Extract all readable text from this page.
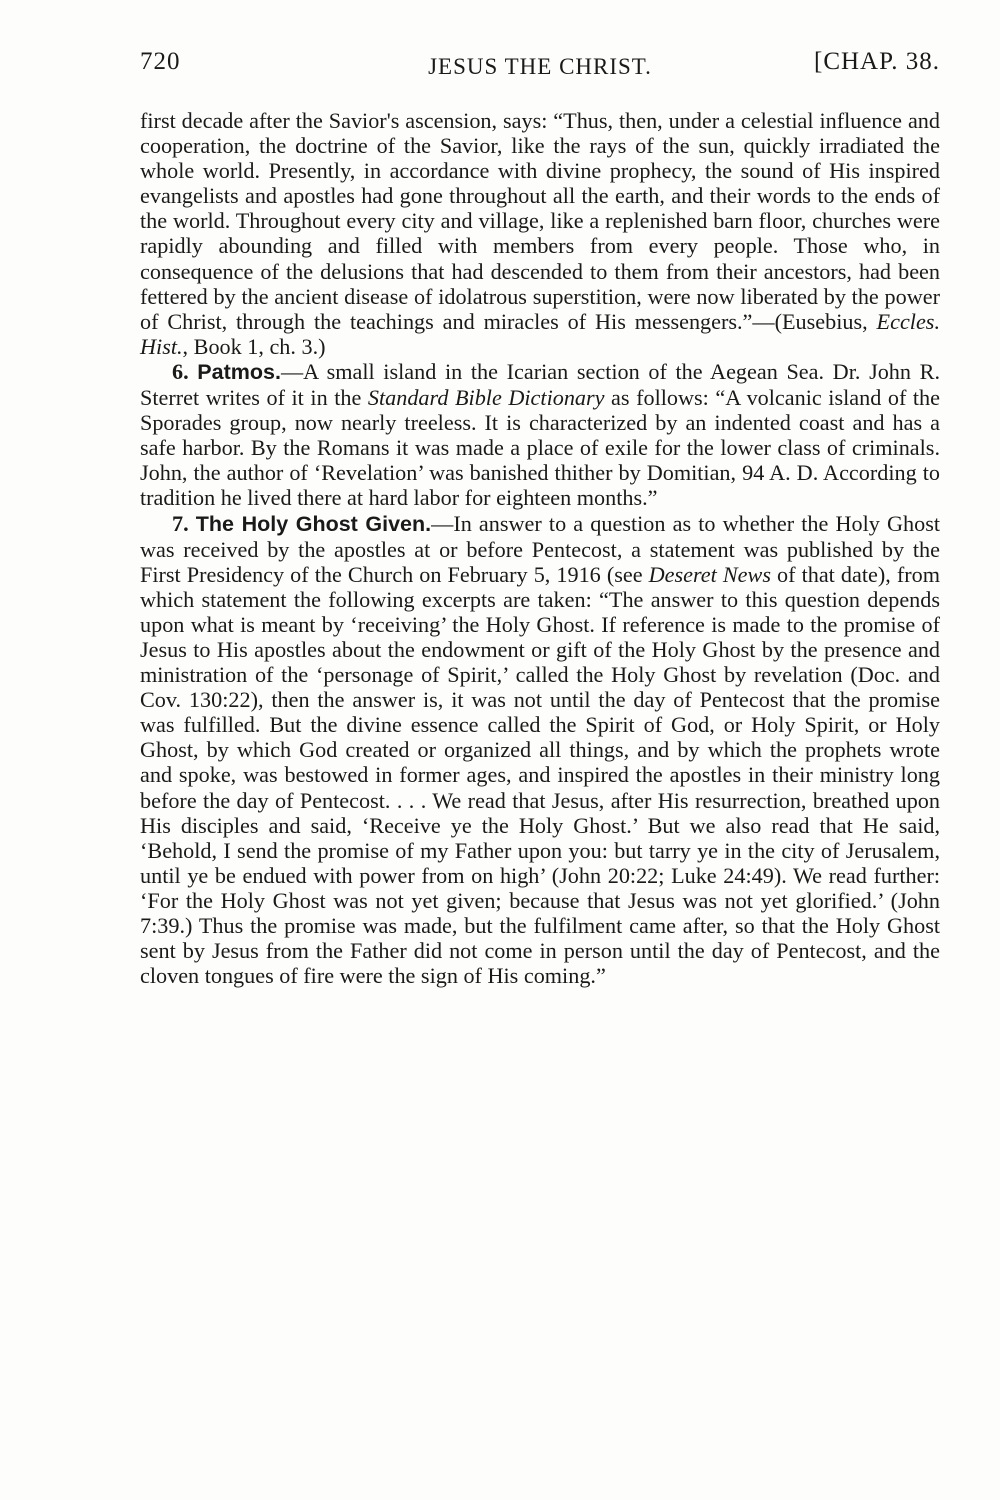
720	JESUS THE CHRIST.	[CHAP. 38.

first decade after the Savior's ascension, says: “Thus, then, under a celestial influence and cooperation, the doctrine of the Savior, like the rays of the sun, quickly irradiated the whole world. Presently, in accordance with divine prophecy, the sound of His inspired evangelists and apostles had gone throughout all the earth, and their words to the ends of the world. Throughout every city and village, like a replenished barn floor, churches were rapidly abounding and filled with members from every people. Those who, in consequence of the delusions that had descended to them from their ancestors, had been fettered by the ancient disease of idolatrous superstition, were now liberated by the power of Christ, through the teachings and miracles of His messengers.”—(Eusebius, Eccles. Hist., Book 1, ch. 3.)

6. Patmos.—A small island in the Icarian section of the Aegean Sea. Dr. John R. Sterret writes of it in the Standard Bible Dictionary as follows: “A volcanic island of the Sporades group, now nearly treeless. It is characterized by an indented coast and has a safe harbor. By the Romans it was made a place of exile for the lower class of criminals. John, the author of ‘Revelation’ was banished thither by Domitian, 94 A. D. According to tradition he lived there at hard labor for eighteen months.”

7. The Holy Ghost Given.—In answer to a question as to whether the Holy Ghost was received by the apostles at or before Pentecost, a statement was published by the First Presidency of the Church on February 5, 1916 (see Deseret News of that date), from which statement the following excerpts are taken: “The answer to this question depends upon what is meant by ‘receiving’ the Holy Ghost. If reference is made to the promise of Jesus to His apostles about the endowment or gift of the Holy Ghost by the presence and ministration of the ‘personage of Spirit,’ called the Holy Ghost by revelation (Doc. and Cov. 130:22), then the answer is, it was not until the day of Pentecost that the promise was fulfilled. But the divine essence called the Spirit of God, or Holy Spirit, or Holy Ghost, by which God created or organized all things, and by which the prophets wrote and spoke, was bestowed in former ages, and inspired the apostles in their ministry long before the day of Pentecost. . . . We read that Jesus, after His resurrection, breathed upon His disciples and said, ‘Receive ye the Holy Ghost.’ But we also read that He said, ‘Behold, I send the promise of my Father upon you: but tarry ye in the city of Jerusalem, until ye be endued with power from on high’ (John 20:22; Luke 24:49). We read further: ‘For the Holy Ghost was not yet given; because that Jesus was not yet glorified.’ (John 7:39.) Thus the promise was made, but the fulfilment came after, so that the Holy Ghost sent by Jesus from the Father did not come in person until the day of Pentecost, and the cloven tongues of fire were the sign of His coming.”
